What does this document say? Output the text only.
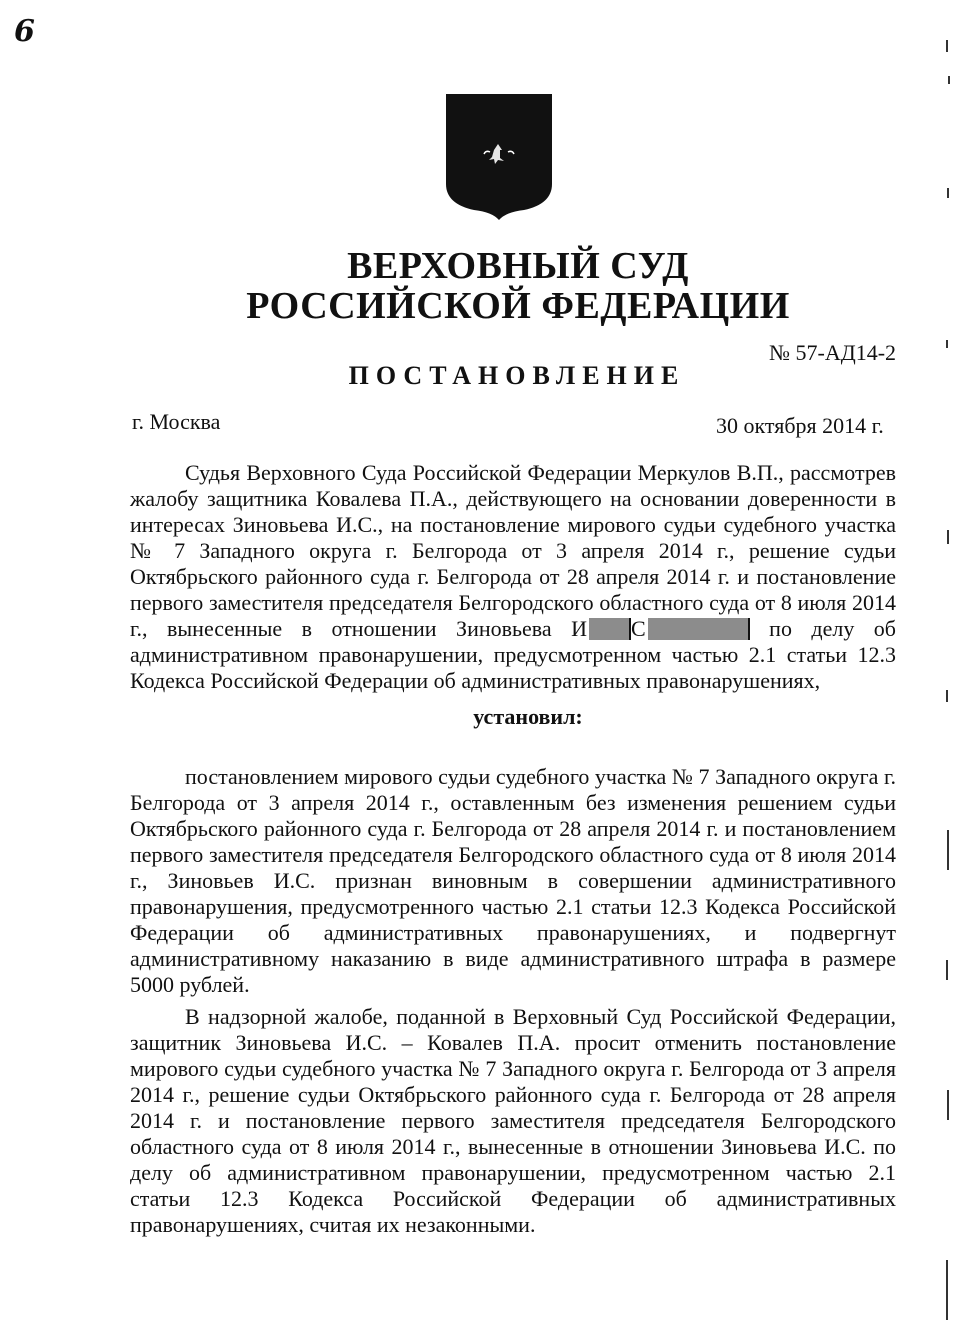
6
ВЕРХОВНЫЙ СУД
РОССИЙСКОЙ ФЕДЕРАЦИИ
№ 57-АД14-2
ПОСТАНОВЛЕНИЕ
г. Москва	30 октября 2014 г.

Судья Верховного Суда Российской Федерации Меркулов В.П., рассмотрев жалобу защитника Ковалева П.А., действующего на основании доверенности в интересах Зиновьева И.С., на постановление мирового судьи судебного участка № 7 Западного округа г. Белгорода от 3 апреля 2014 г., решение судьи Октябрьского районного суда г. Белгорода от 28 апреля 2014 г. и постановление первого заместителя председателя Белгородского областного суда от 8 июля 2014 г., вынесенные в отношении Зиновьева И С	по делу об административном правонарушении, предусмотренном частью 2.1 статьи 12.3 Кодекса Российской Федерации об административных правонарушениях,

установил:

постановлением мирового судьи судебного участка № 7 Западного округа г. Белгорода от 3 апреля 2014 г., оставленным без изменения решением судьи Октябрьского районного суда г. Белгорода от 28 апреля 2014 г. и постановлением первого заместителя председателя Белгородского областного суда от 8 июля 2014 г., Зиновьев И.С. признан виновным в совершении административного правонарушения, предусмотренного частью 2.1 статьи 12.3 Кодекса Российской Федерации об административных правонарушениях, и подвергнут административному наказанию в виде административного штрафа в размере 5000 рублей.

В надзорной жалобе, поданной в Верховный Суд Российской Федерации, защитник Зиновьева И.С. – Ковалев П.А. просит отменить постановление мирового судьи судебного участка № 7 Западного округа г. Белгорода от 3 апреля 2014 г., решение судьи Октябрьского районного суда г. Белгорода от 28 апреля 2014 г. и постановление первого заместителя председателя Белгородского областного суда от 8 июля 2014 г., вынесенные в отношении Зиновьева И.С. по делу об административном правонарушении, предусмотренном частью 2.1 статьи 12.3 Кодекса Российской Федерации об административных правонарушениях, считая их незаконными.
